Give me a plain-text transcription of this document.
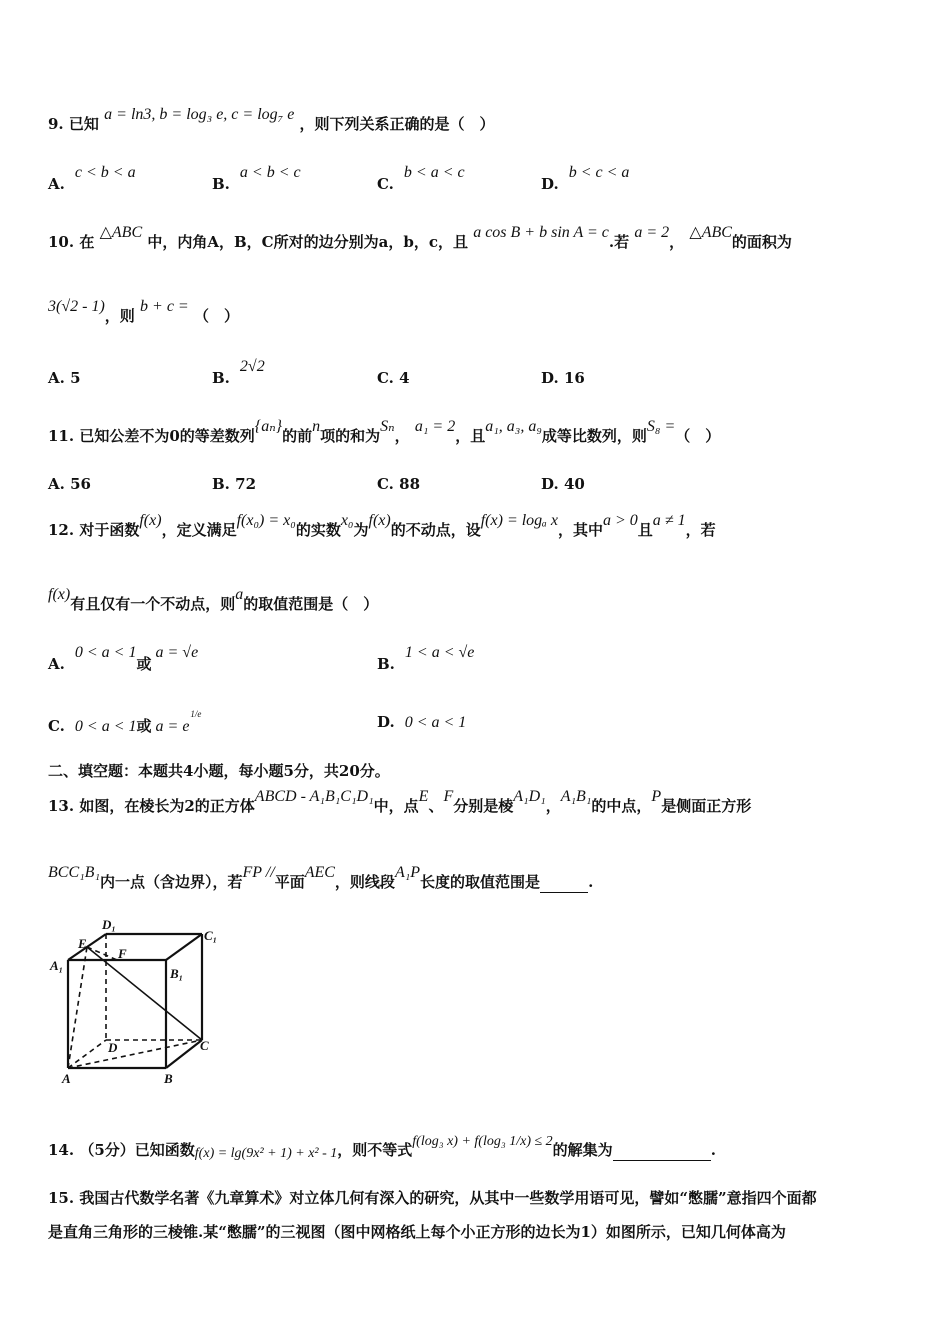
9. 已知 a = ln3, b = log₃ e, c = log₇ e ，则下列关系正确的是（　）
A.c < b < a
B.a < b < c
C.b < a < c
D.b < c < a
10. 在 △ABC 中，内角A，B，C所对的边分别为a，b，c，且 a cos B + b sin A = c.若 a = 2， △ABC的面积为
3(√2 - 1)，则 b + c = （　）
A. 5	B.2√2
C. 4	D. 16
11. 已知公差不为0的等差数列{aₙ}的前n项的和为Sₙ， a₁ = 2，且a₁, a₃, a₉成等比数列，则S₈ =（　）
A. 56	B. 72	C. 88	D. 40
12. 对于函数f(x)，定义满足f(x₀) = x₀的实数x₀为f(x)的不动点，设f(x) = logₐ x，其中a > 0且a ≠ 1，若
f(x)有且仅有一个不动点，则a的取值范围是（　）
A.0 < a < 1或a = √e
B.1 < a < √e
C. 0 < a < 1或 $a = e^{1/e}$	D. 0 < a < 1
二、填空题：本题共4小题，每小题5分，共20分。
13. 如图，在棱长为2的正方体ABCD - A₁B₁C₁D₁中，点E、F分别是棱A₁D₁，A₁B₁的中点，P是侧面正方形
BCC₁B₁内一点（含边界），若FP //平面AEC，则线段A₁P长度的取值范围是	.
D₁
C₁
A₁
B₁
E
F
D	C
A	B
14. （5分）已知函数f(x) = lg(9x² + 1) + x² - 1，则不等式f(log₃ x) + f(log₃ 1/x) ≤ 2的解集为	.
15. 我国古代数学名著《九章算术》对立体几何有深入的研究，从其中一些数学用语可见，譬如“憋臑”意指四个面都
是直角三角形的三棱锥.某“憋臑”的三视图（图中网格纸上每个小正方形的边长为1）如图所示，已知几何体高为
